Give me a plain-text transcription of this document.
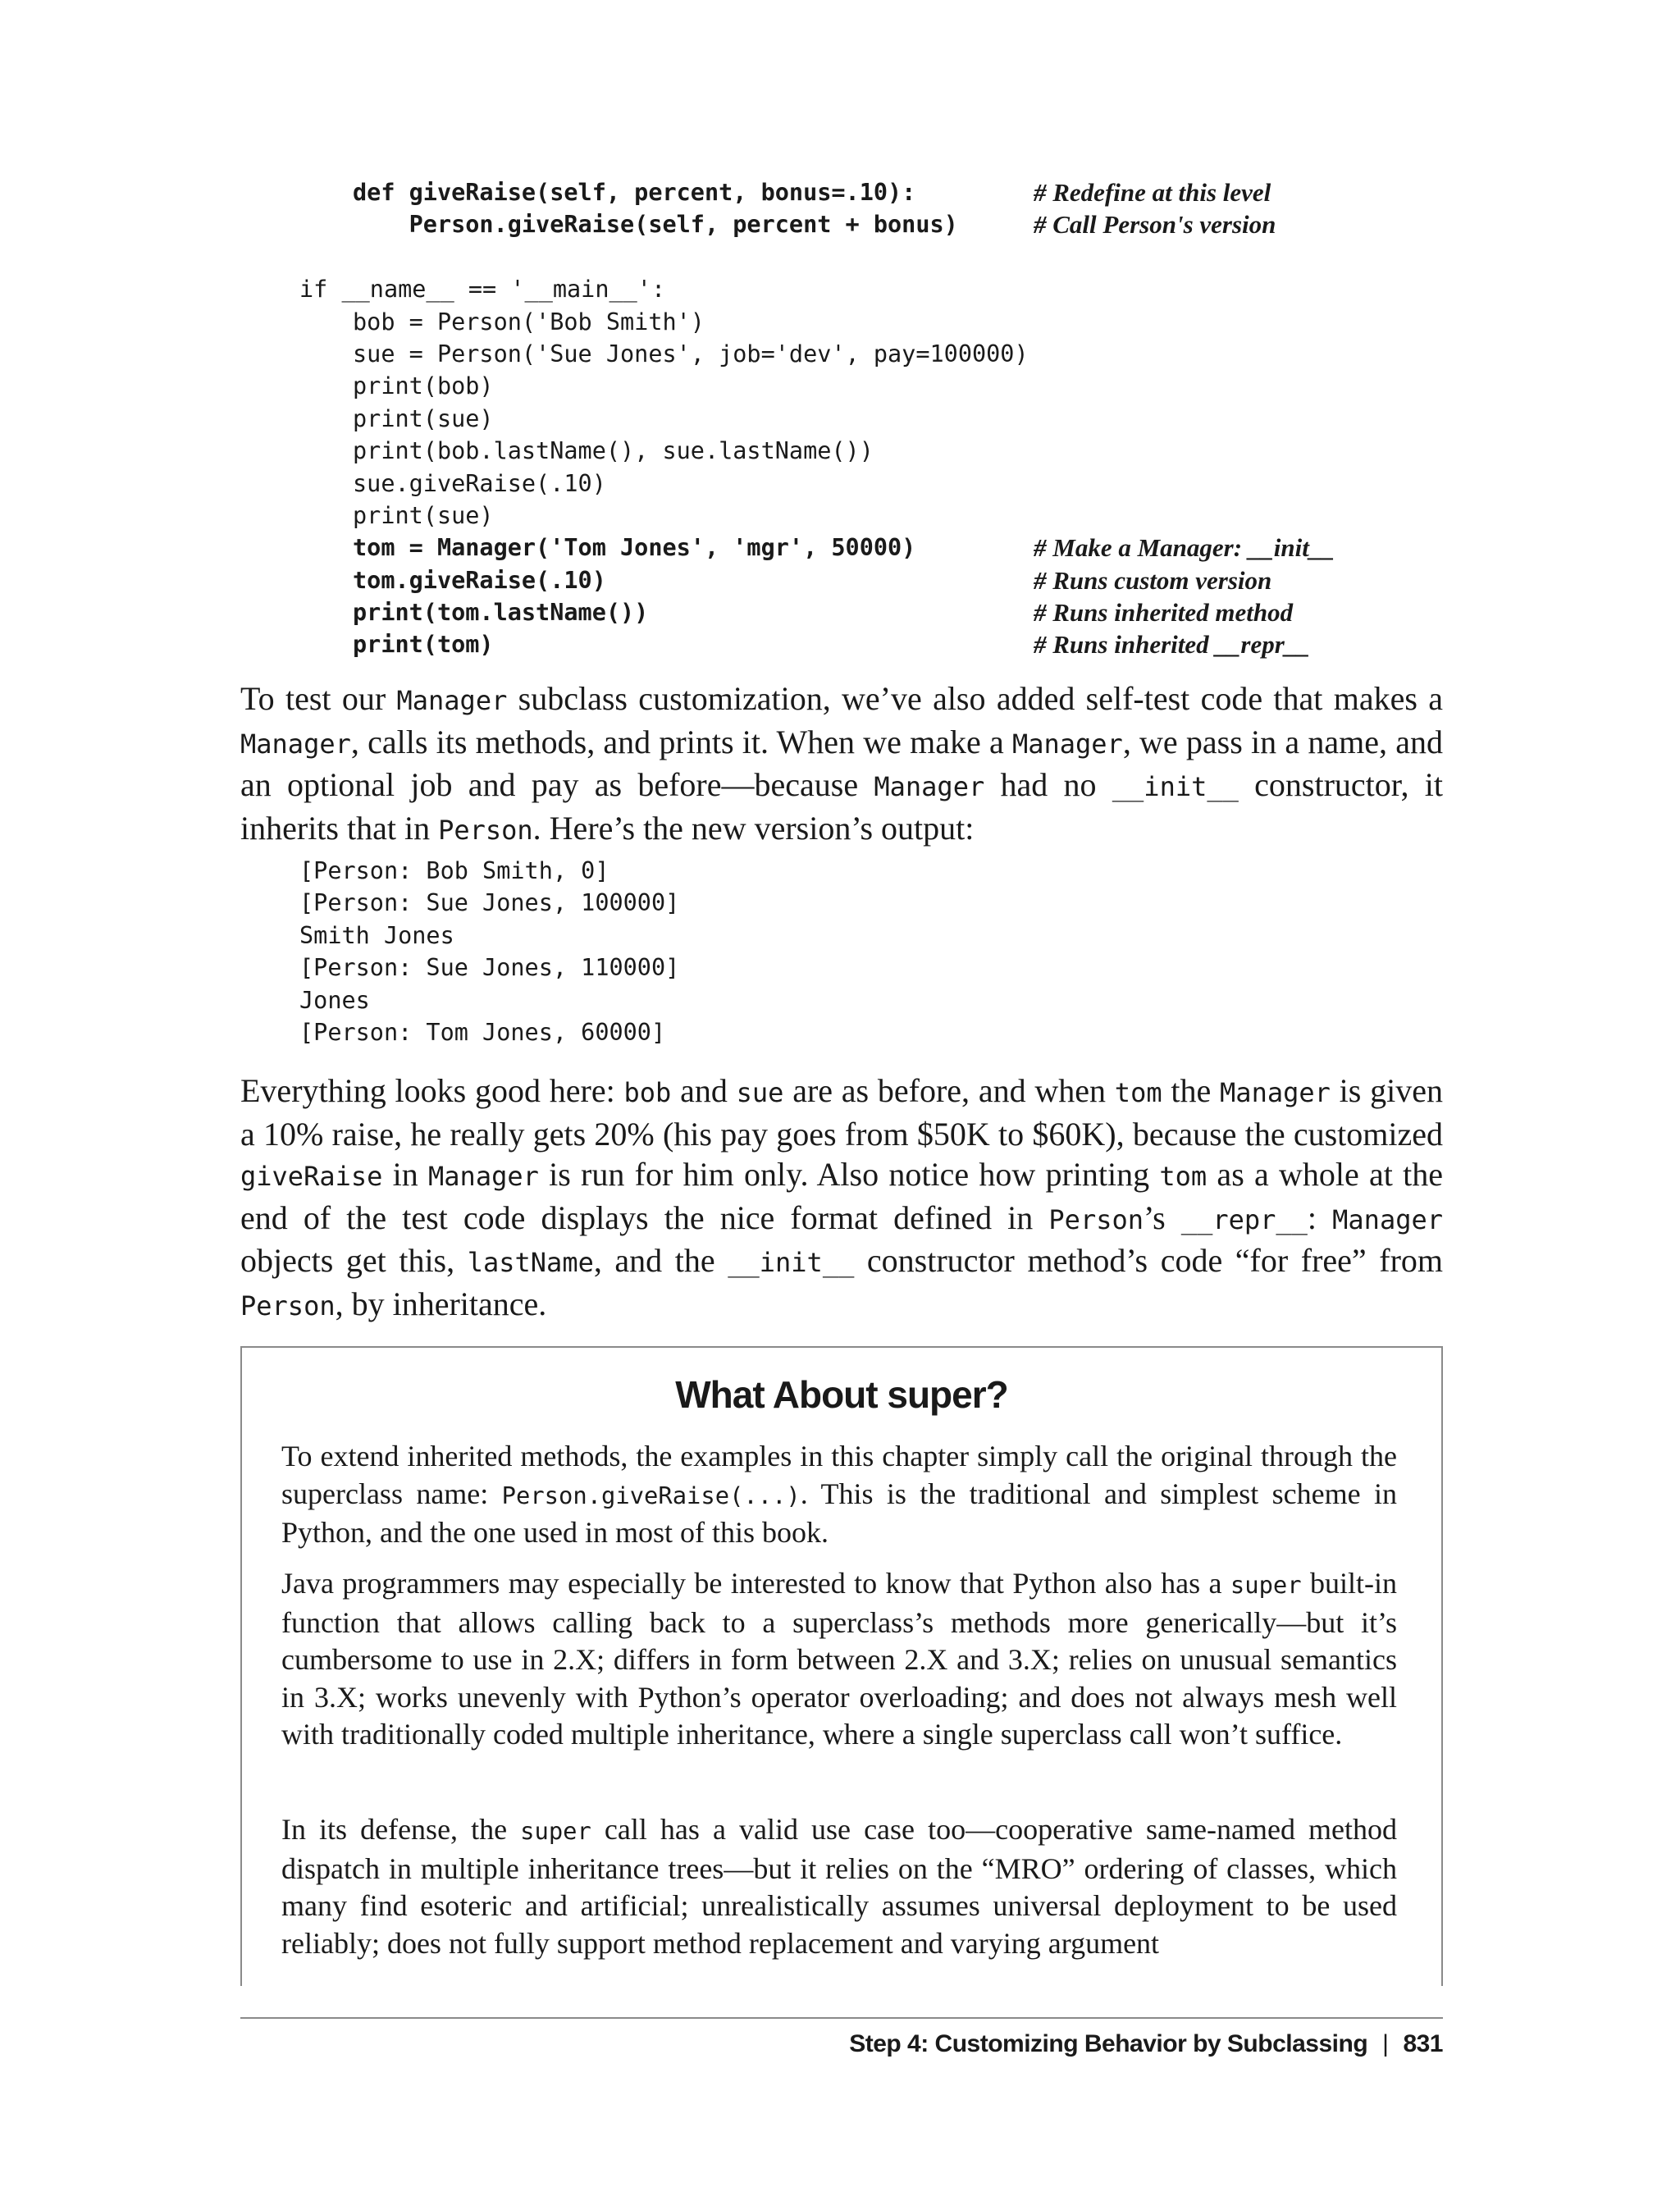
def giveRaise(self, percent, bonus=.10):	# Redefine at this level
Person.giveRaise(self, percent + bonus)	# Call Person's version
if __name__ == '__main__':
bob = Person('Bob Smith')
sue = Person('Sue Jones', job='dev', pay=100000)
print(bob)
print(sue)
print(bob.lastName(), sue.lastName())
sue.giveRaise(.10)
print(sue)
tom = Manager('Tom Jones', 'mgr', 50000)	# Make a Manager: __init__
tom.giveRaise(.10)	# Runs custom version
print(tom.lastName())	# Runs inherited method
print(tom)	# Runs inherited __repr__

To test our Manager subclass customization, we’ve also added self-test code that makes a Manager, calls its methods, and prints it. When we make a Manager, we pass in a name, and an optional job and pay as before—because Manager had no __init__ constructor, it inherits that in Person. Here’s the new version’s output:

[Person: Bob Smith, 0]
[Person: Sue Jones, 100000]
Smith Jones
[Person: Sue Jones, 110000]
Jones
[Person: Tom Jones, 60000]

Everything looks good here: bob and sue are as before, and when tom the Manager is given a 10% raise, he really gets 20% (his pay goes from $50K to $60K), because the customized giveRaise in Manager is run for him only. Also notice how printing tom as a whole at the end of the test code displays the nice format defined in Person’s __repr__: Manager objects get this, lastName, and the __init__ constructor method’s code “for free” from Person, by inheritance.

What About super?

To extend inherited methods, the examples in this chapter simply call the original through the superclass name: Person.giveRaise(...). This is the traditional and simplest scheme in Python, and the one used in most of this book.

Java programmers may especially be interested to know that Python also has a super built-in function that allows calling back to a superclass’s methods more generically—but it’s cumbersome to use in 2.X; differs in form between 2.X and 3.X; relies on unusual semantics in 3.X; works unevenly with Python’s operator overloading; and does not always mesh well with traditionally coded multiple inheritance, where a single superclass call won’t suffice.

In its defense, the super call has a valid use case too—cooperative same-named method dispatch in multiple inheritance trees—but it relies on the “MRO” ordering of classes, which many find esoteric and artificial; unrealistically assumes universal deployment to be used reliably; does not fully support method replacement and varying argument

Step 4: Customizing Behavior by Subclassing | 831
